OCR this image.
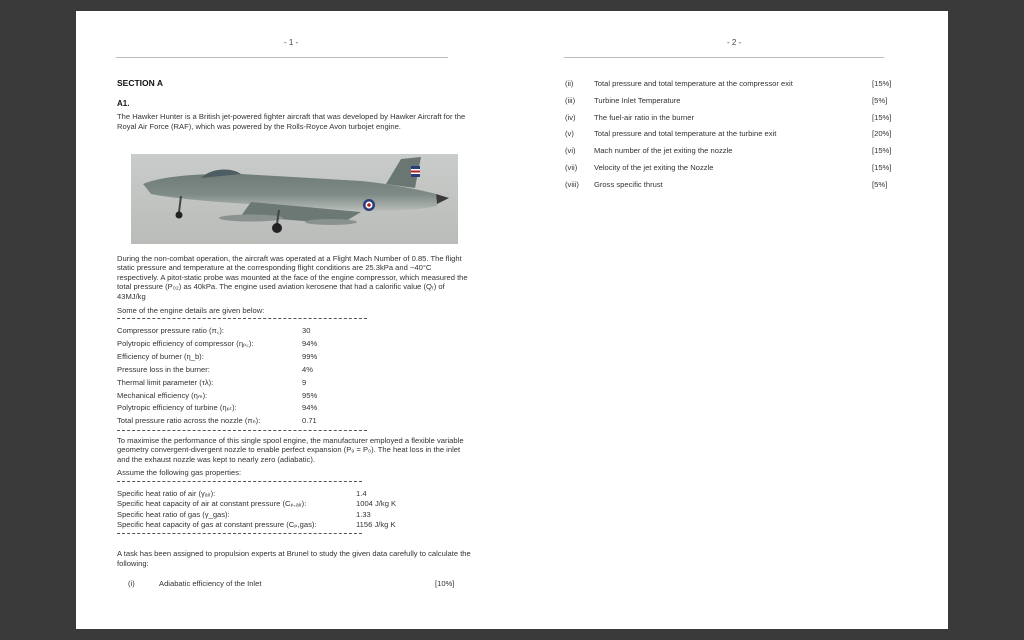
- 1 -
SECTION A
A1.
The Hawker Hunter is a British jet-powered fighter aircraft that was developed by Hawker Aircraft for the Royal Air Force (RAF), which was powered by the Rolls-Royce Avon turbojet engine.
During the non-combat operation, the aircraft was operated at a Flight Mach Number of 0.85. The flight static pressure and temperature at the corresponding flight conditions are 25.3kPa and −40°C respectively. A pitot-static probe was mounted at the face of the engine compressor, which measured the total pressure (P₀₂) as 40kPa. The engine used aviation kerosene that had a calorific value (Qᵣ) of 43MJ/kg
Some of the engine details are given below:
Compressor pressure ratio (π꜀):	30
Polytropic efficiency of compressor (ηₚ꜀):	94%
Efficiency of burner (η_b):	99%
Pressure loss in the burner:	4%
Thermal limit parameter (τλ):	9
Mechanical efficiency (ηₘ):	95%
Polytropic efficiency of turbine (ηₚₜ):	94%
Total pressure ratio across the nozzle (πₙ):	0.71
To maximise the performance of this single spool engine, the manufacturer employed a flexible variable geometry convergent-divergent nozzle to enable perfect expansion (P₉ = P₀). The heat loss in the inlet and the exhaust nozzle was kept to nearly zero (adiabatic).
Assume the following gas properties:
Specific heat ratio of air (γₐᵢᵣ):	1.4
Specific heat capacity of air at constant pressure (Cₚ,ₐᵢᵣ):	1004 J/kg K
Specific heat ratio of gas (γ_gas):	1.33
Specific heat capacity of gas at constant pressure (Cₚ,gas):	1156 J/kg K
A task has been assigned to propulsion experts at Brunel to study the given data carefully to calculate the following:
(i)	Adiabatic efficiency of the Inlet	[10%]
- 2 -
(ii)	Total pressure and total temperature at the compressor exit	[15%]
(iii) Turbine Inlet Temperature	[5%]
(iv) The fuel-air ratio in the burner	[15%]
(v)	Total pressure and total temperature at the turbine exit	[20%]
(vi) Mach number of the jet exiting the nozzle	[15%]
(vii) Velocity of the jet exiting the Nozzle	[15%]
(viii) Gross specific thrust	[5%]
